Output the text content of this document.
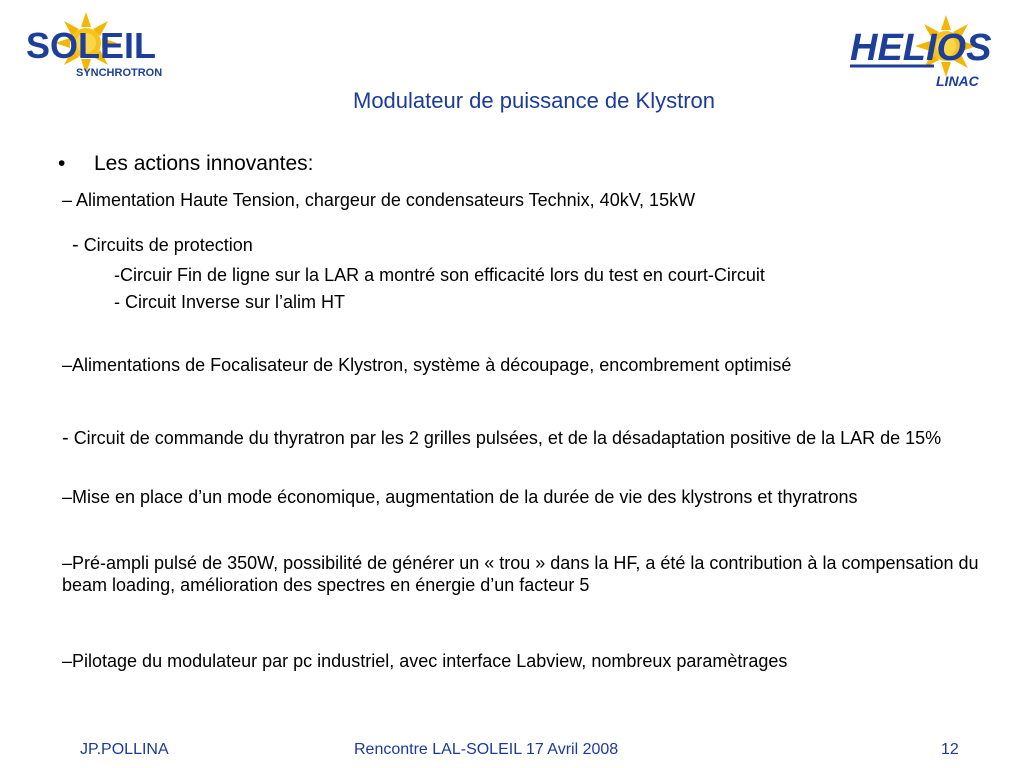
SOLEIL
SYNCHROTRON
HELIOS
LINAC
Modulateur de puissance de Klystron
• Les actions innovantes:
– Alimentation Haute Tension, chargeur de condensateurs Technix, 40kV, 15kW
- Circuits de protection
-Circuir Fin de ligne sur la LAR a montré son efficacité lors du test en court-Circuit
- Circuit Inverse sur l’alim HT
–Alimentations de Focalisateur de Klystron, système à découpage, encombrement optimisé
- Circuit de commande du thyratron par les 2 grilles pulsées, et de la désadaptation positive de la LAR de 15%
–Mise en place d’un mode économique, augmentation de la durée de vie des klystrons et thyratrons
–Pré-ampli pulsé de 350W, possibilité de générer un « trou » dans la HF, a été la contribution à la compensation du beam loading, amélioration des spectres en énergie d’un facteur 5
–Pilotage du modulateur par pc industriel, avec interface Labview, nombreux paramètrages
JP.POLLINA	Rencontre LAL-SOLEIL 17 Avril 2008	12
